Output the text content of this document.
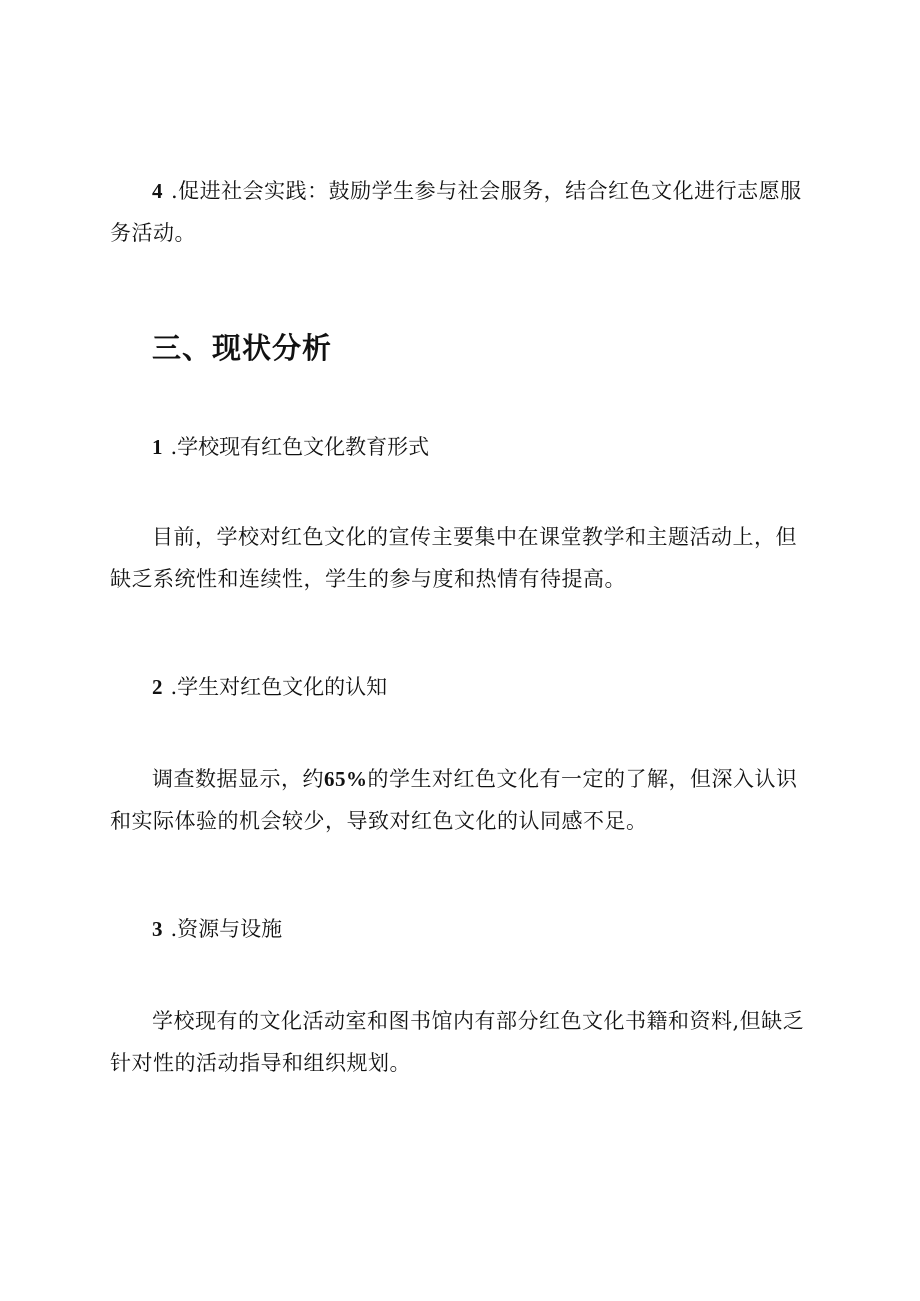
4 .促进社会实践：鼓励学生参与社会服务，结合红色文化进行志愿服务活动。

三、现状分析

1 .学校现有红色文化教育形式

目前，学校对红色文化的宣传主要集中在课堂教学和主题活动上，但缺乏系统性和连续性，学生的参与度和热情有待提高。

2 .学生对红色文化的认知

调查数据显示，约65%的学生对红色文化有一定的了解，但深入认识和实际体验的机会较少，导致对红色文化的认同感不足。

3 .资源与设施

学校现有的文化活动室和图书馆内有部分红色文化书籍和资料,但缺乏针对性的活动指导和组织规划。
